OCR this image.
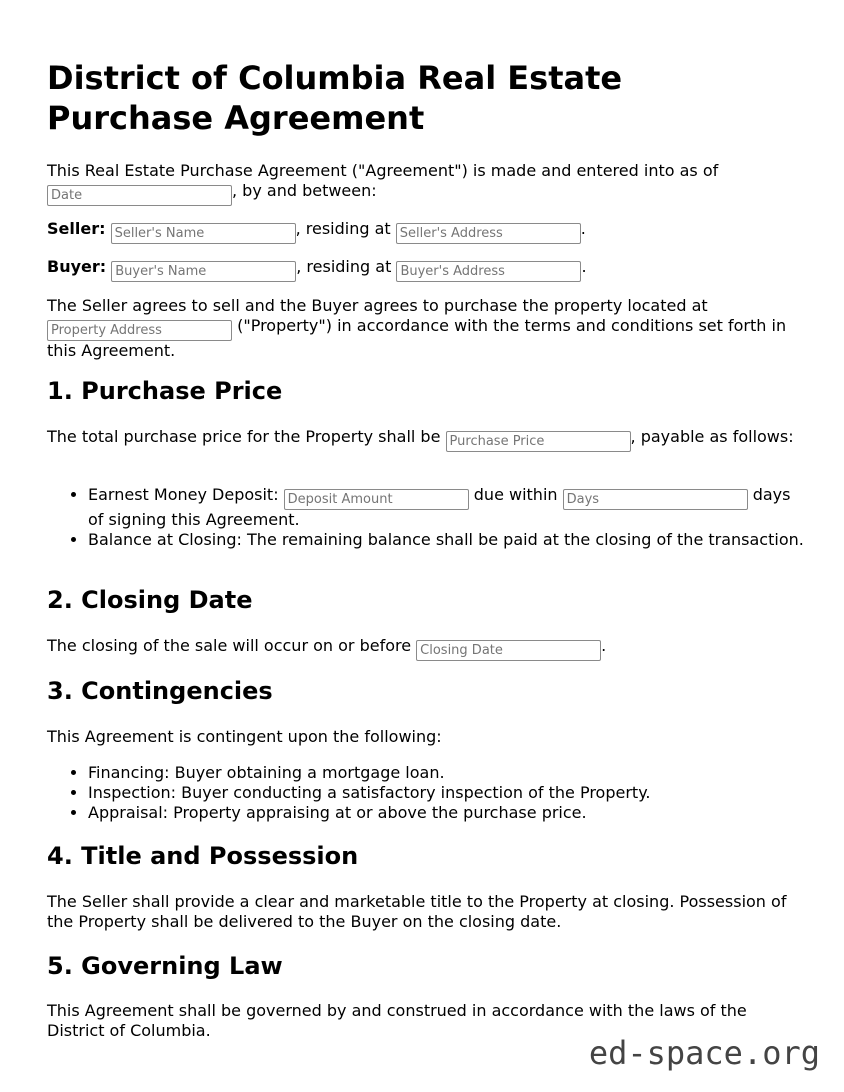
District of Columbia Real Estate Purchase Agreement

This Real Estate Purchase Agreement ("Agreement") is made and entered into as of
Date, by and between:

Seller: Seller's Name	, residing at Seller's Address	.

Buyer: Buyer's Name	, residing at Buyer's Address	.

The Seller agrees to sell and the Buyer agrees to purchase the property located at
Property Address ("Property") in accordance with the terms and conditions set forth in this Agreement.

1. Purchase Price

The total purchase price for the Property shall be Purchase Price	, payable as follows:

• Earnest Money Deposit: Deposit Amount	due within Days	days of signing this Agreement.
• Balance at Closing: The remaining balance shall be paid at the closing of the transaction.
2. Closing Date

The closing of the sale will occur on or before Closing Date	.

3. Contingencies

This Agreement is contingent upon the following:

• Financing: Buyer obtaining a mortgage loan.
• Inspection: Buyer conducting a satisfactory inspection of the Property.
• Appraisal: Property appraising at or above the purchase price.
4. Title and Possession

The Seller shall provide a clear and marketable title to the Property at closing. Possession of the Property shall be delivered to the Buyer on the closing date.

5. Governing Law

This Agreement shall be governed by and construed in accordance with the laws of the District of Columbia.

ed-space.org
